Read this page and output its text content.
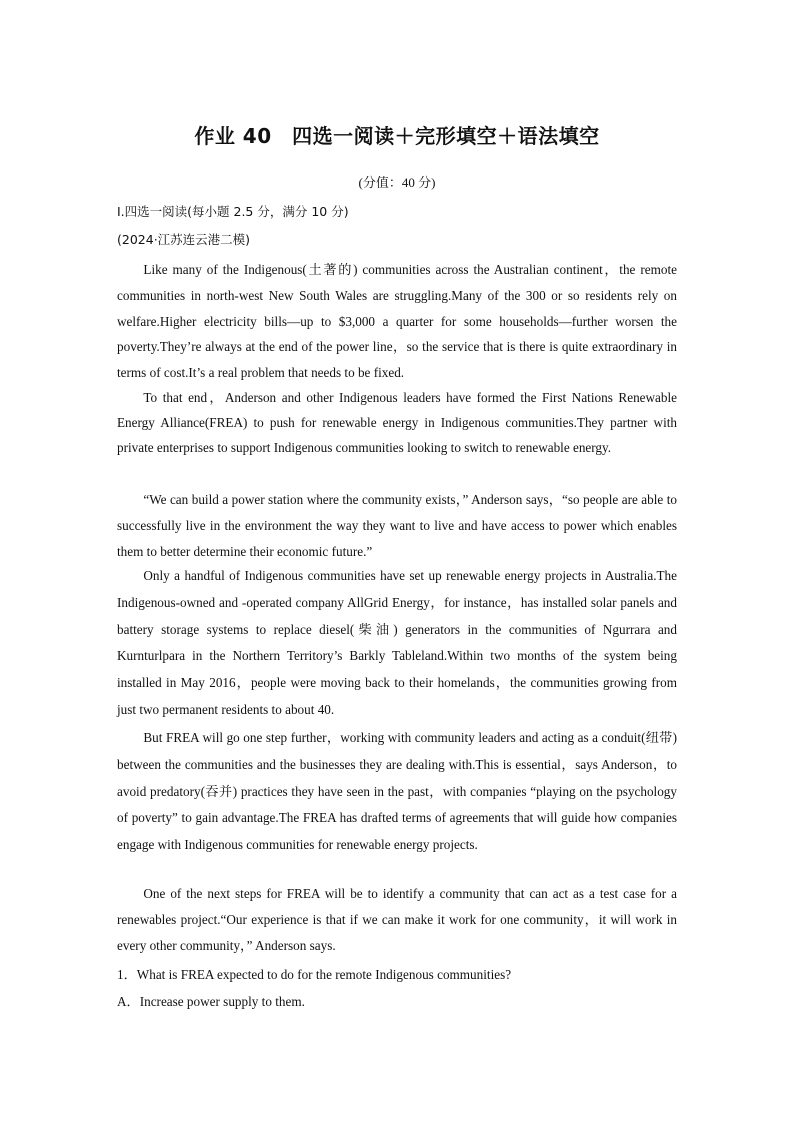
作业 40　四选一阅读＋完形填空＋语法填空
(分值：40 分)
Ⅰ.四选一阅读(每小题 2.5 分，满分 10 分)
(2024·江苏连云港二模)
Like many of the Indigenous(土著的) communities across the Australian continent，the remote communities in north-west New South Wales are struggling.Many of the 300 or so residents rely on welfare.Higher electricity bills—up to $3,000 a quarter for some households—further worsen the poverty.They’re always at the end of the power line，so the service that is there is quite extraordinary in terms of cost.It’s a real problem that needs to be fixed.
To that end，Anderson and other Indigenous leaders have formed the First Nations Renewable Energy Alliance(FREA) to push for renewable energy in Indigenous communities.They partner with private enterprises to support Indigenous communities looking to switch to renewable energy.
“We can build a power station where the community exists，” Anderson says，“so people are able to successfully live in the environment the way they want to live and have access to power which enables them to better determine their economic future.”
Only a handful of Indigenous communities have set up renewable energy projects in Australia.The Indigenous-owned and -operated company AllGrid Energy，for instance，has installed solar panels and battery storage systems to replace diesel(柴油) generators in the communities of Ngurrara and Kurnturlpara in the Northern Territory’s Barkly Tableland.Within two months of the system being installed in May 2016，people were moving back to their homelands，the communities growing from just two permanent residents to about 40.
But FREA will go one step further，working with community leaders and acting as a conduit(纽带) between the communities and the businesses they are dealing with.This is essential，says Anderson，to avoid predatory(吞并) practices they have seen in the past，with companies “playing on the psychology of poverty” to gain advantage.The FREA has drafted terms of agreements that will guide how companies engage with Indigenous communities for renewable energy projects.
One of the next steps for FREA will be to identify a community that can act as a test case for a renewables project.“Our experience is that if we can make it work for one community，it will work in every other community，” Anderson says.
1．What is FREA expected to do for the remote Indigenous communities?
A．Increase power supply to them.
